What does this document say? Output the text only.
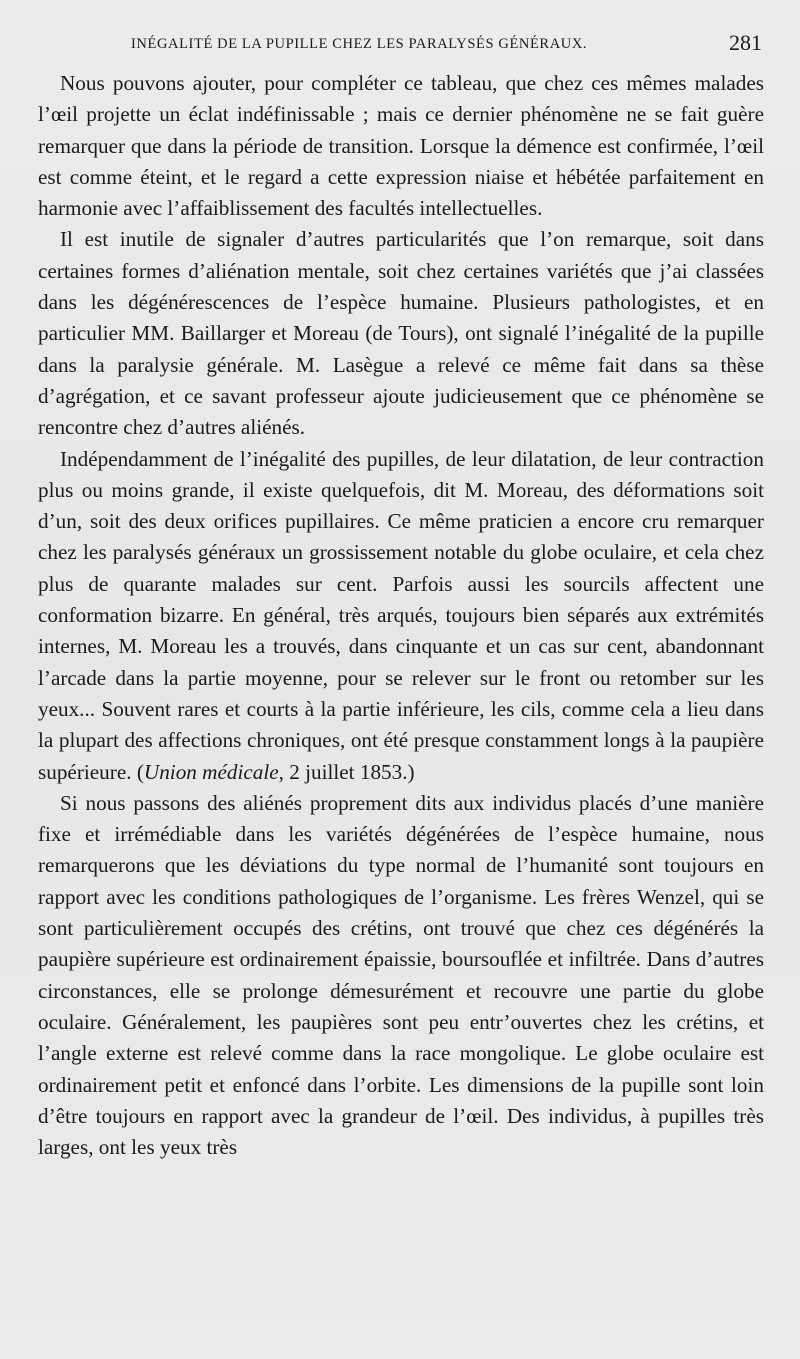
INÉGALITÉ DE LA PUPILLE CHEZ LES PARALYSÉS GÉNÉRAUX.	281

Nous pouvons ajouter, pour compléter ce tableau, que chez ces mêmes malades l’œil projette un éclat indéfinissable ; mais ce dernier phénomène ne se fait guère remarquer que dans la période de transition. Lorsque la démence est confirmée, l’œil est comme éteint, et le regard a cette expression niaise et hébétée parfaitement en harmonie avec l’affaiblissement des facultés intellectuelles.

Il est inutile de signaler d’autres particularités que l’on remarque, soit dans certaines formes d’aliénation mentale, soit chez certaines variétés que j’ai classées dans les dégénérescences de l’espèce humaine. Plusieurs pathologistes, et en particulier MM. Baillarger et Moreau (de Tours), ont signalé l’inégalité de la pupille dans la paralysie générale. M. Lasègue a relevé ce même fait dans sa thèse d’agrégation, et ce savant professeur ajoute judicieusement que ce phénomène se rencontre chez d’autres aliénés.

Indépendamment de l’inégalité des pupilles, de leur dilatation, de leur contraction plus ou moins grande, il existe quelquefois, dit M. Moreau, des déformations soit d’un, soit des deux orifices pupillaires. Ce même praticien a encore cru remarquer chez les paralysés généraux un grossissement notable du globe oculaire, et cela chez plus de quarante malades sur cent. Parfois aussi les sourcils affectent une conformation bizarre. En général, très arqués, toujours bien séparés aux extrémités internes, M. Moreau les a trouvés, dans cinquante et un cas sur cent, abandonnant l’arcade dans la partie moyenne, pour se relever sur le front ou retomber sur les yeux... Souvent rares et courts à la partie inférieure, les cils, comme cela a lieu dans la plupart des affections chroniques, ont été presque constamment longs à la paupière supérieure. (Union médicale, 2 juillet 1853.)

Si nous passons des aliénés proprement dits aux individus placés d’une manière fixe et irrémédiable dans les variétés dégénérées de l’espèce humaine, nous remarquerons que les déviations du type normal de l’humanité sont toujours en rapport avec les conditions pathologiques de l’organisme. Les frères Wenzel, qui se sont particulièrement occupés des crétins, ont trouvé que chez ces dégénérés la paupière supérieure est ordinairement épaissie, boursouflée et infiltrée. Dans d’autres circonstances, elle se prolonge démesurément et recouvre une partie du globe oculaire. Généralement, les paupières sont peu entr’ouvertes chez les crétins, et l’angle externe est relevé comme dans la race mongolique. Le globe oculaire est ordinairement petit et enfoncé dans l’orbite. Les dimensions de la pupille sont loin d’être toujours en rapport avec la grandeur de l’œil. Des individus, à pupilles très larges, ont les yeux très
